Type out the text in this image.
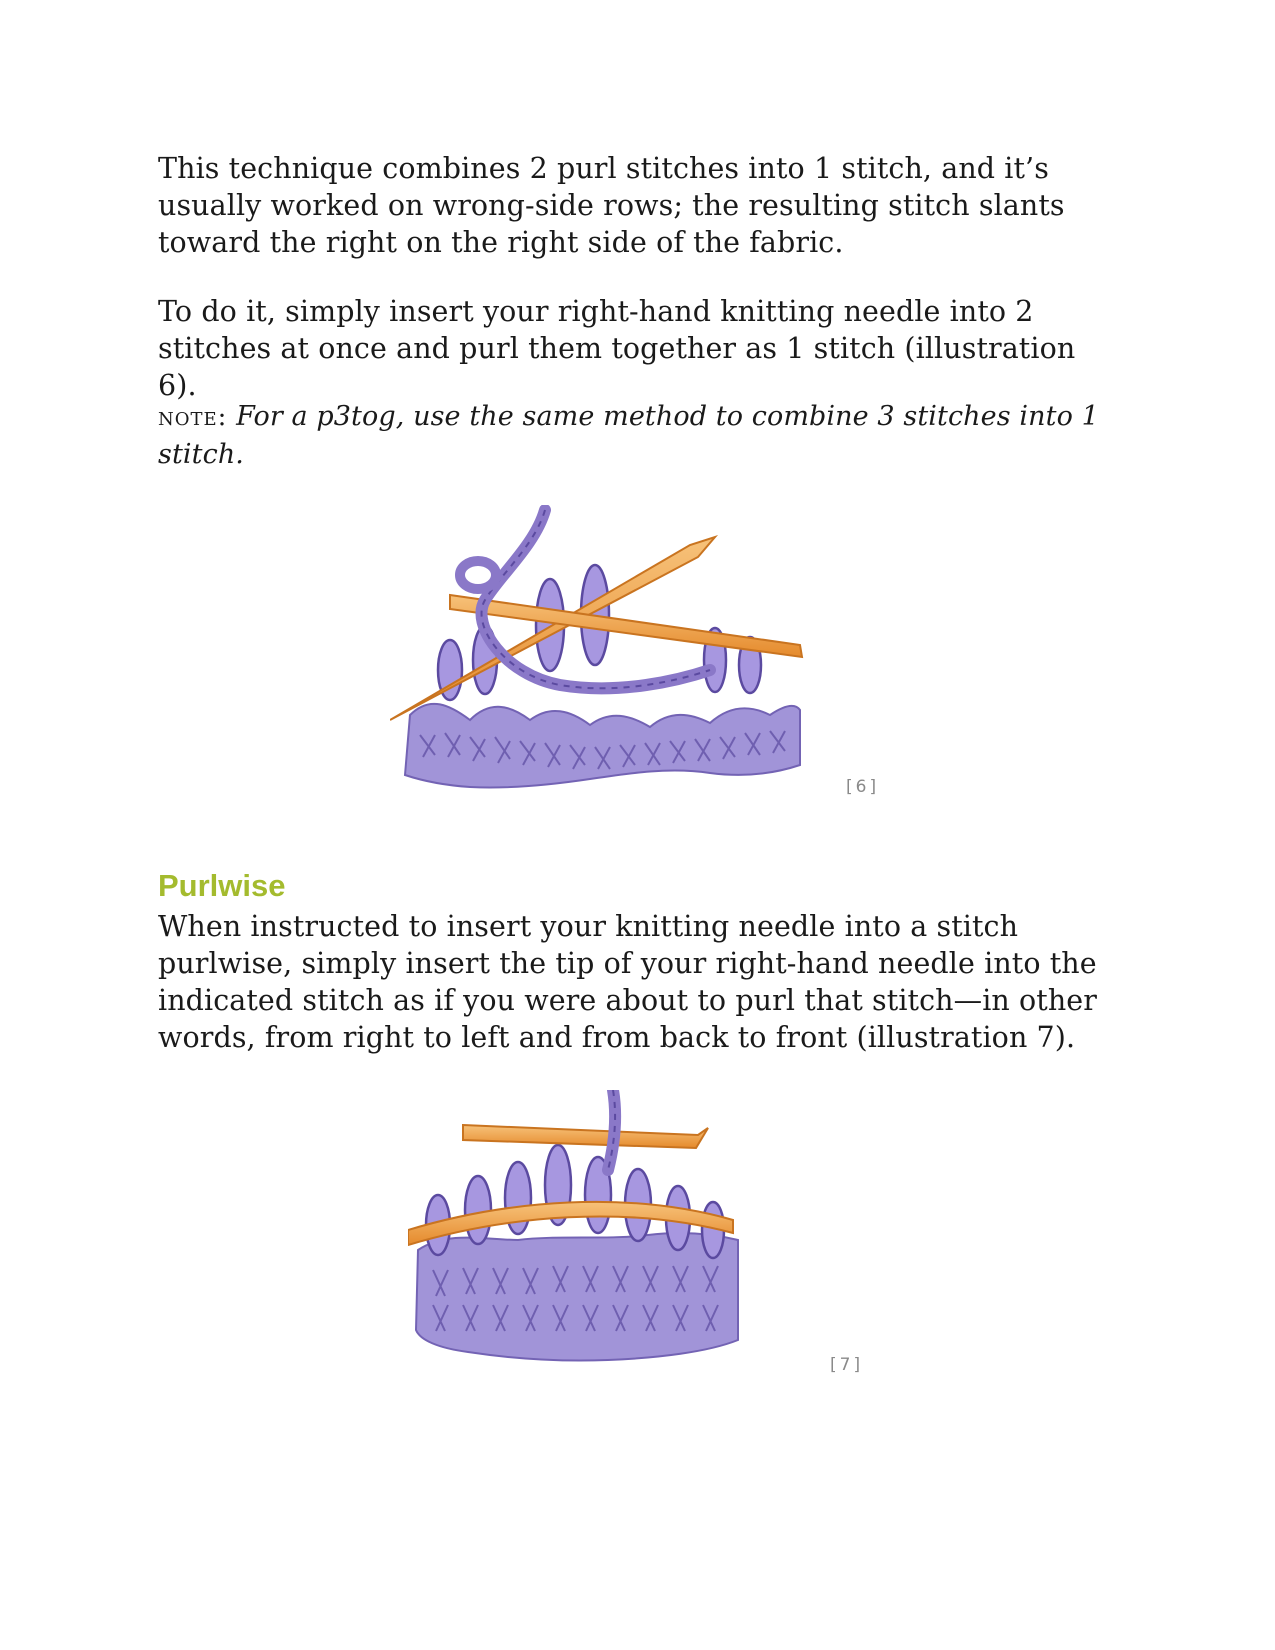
This technique combines 2 purl stitches into 1 stitch, and it’s usually worked on wrong-side rows; the resulting stitch slants toward the right on the right side of the fabric.

To do it, simply insert your right-hand knitting needle into 2 stitches at once and purl them together as 1 stitch (illustration 6).

note: For a p3tog, use the same method to combine 3 stitches into 1 stitch.

[6]
Purlwise

When instructed to insert your knitting needle into a stitch purlwise, simply insert the tip of your right-hand needle into the indicated stitch as if you were about to purl that stitch—in other words, from right to left and from back to front (illustration 7).

[7]
